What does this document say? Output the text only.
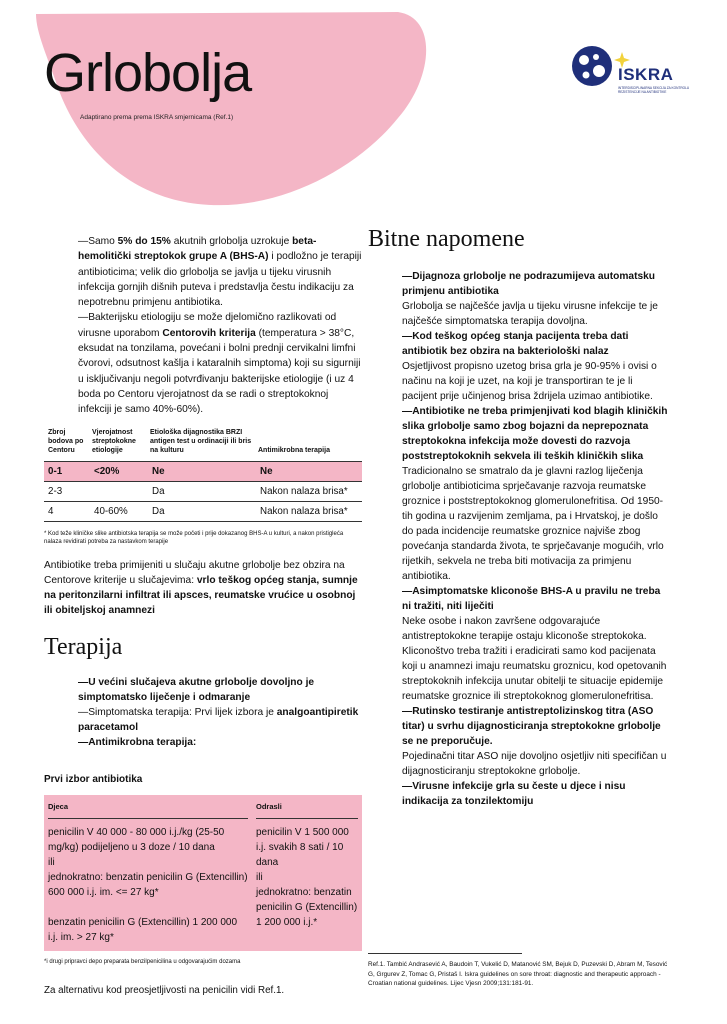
Grlobolja
Adaptirano prema prema ISKRA smjernicama (Ref.1)
ISKRA
INTERDISCIPLINARNA SEKCIJA ZA KONTROLU REZISTENCIJE NA ANTIBIOTIKE

—Samo 5% do 15% akutnih grlobolja uzrokuje beta-hemolitički streptokok grupe A (BHS-A) i podložno je terapiji antibioticima; velik dio grlobolja se javlja u tijeku virusnih infekcija gornjih dišnih puteva i predstavlja čestu indikaciju za nepotrebnu primjenu antibiotika.

—Bakterijsku etiologiju se može djelomično razlikovati od virusne uporabom Centorovih kriterija (temperatura > 38°C, eksudat na tonzilama, povećani i bolni prednji cervikalni limfni čvorovi, odsutnost kašlja i kataralnih simptoma) koji su sigurniji u isključivanju negoli potvrđivanju bakterijske etiologije (i uz 4 boda po Centoru vjerojatnost da se radi o streptokoknoj infekciji je samo 40%-60%).

Zbroj bodova po Centoru	Vjerojatnost streptokokne etiologije	Etiološka dijagnostika BRZI antigen test u ordinaciji ili bris na kulturu	Antimikrobna terapija
0-1	<20%	Ne	Ne
2-3		Da	Nakon nalaza brisa*
4	40-60%	Da	Nakon nalaza brisa*

* Kod teže kliničke slike antibiotska terapija se može početi i prije dokazanog BHS-A u kulturi, a nakon pristigleća nalaza revidirati potreba za nastavkom terapije

Antibiotike treba primijeniti u slučaju akutne grlobolje bez obzira na Centorove kriterije u slučajevima: vrlo teškog općeg stanja, sumnje na peritonzilarni infiltrat ili apsces, reumatske vrućice u osobnoj ili obiteljskoj anamnezi

Terapija

—U većini slučajeva akutne grlobolje dovoljno je simptomatsko liječenje i odmaranje

—Simptomatska terapija: Prvi lijek izbora je analgoantipiretik paracetamol

—Antimikrobna terapija:

Prvi izbor antibiotika

Djeca

penicilin V 40 000 - 80 000 i.j./kg (25-50 mg/kg) podijeljeno u 3 doze / 10 dana

ili

jednokratno: benzatin penicilin G (Extencillin) 600 000 i.j. im. <= 27 kg*

benzatin penicilin G (Extencillin) 1 200 000 i.j. im. > 27 kg*

Odrasli

penicilin V 1 500 000 i.j. svakih 8 sati / 10 dana

ili

jednokratno: benzatin penicilin G (Extencillin) 1 200 000 i.j.*

*i drugi pripravci depo preparata benzilpenicilina u odgovarajućim dozama

Za alternativu kod preosjetljivosti na penicilin vidi Ref.1.

Bitne napomene

—Dijagnoza grlobolje ne podrazumijeva automatsku primjenu antibiotika

Grlobolja se najčešće javlja u tijeku virusne infekcije te je najčešće simptomatska terapija dovoljna.

—Kod teškog općeg stanja pacijenta treba dati antibiotik bez obzira na bakteriološki nalaz

Osjetljivost propisno uzetog brisa grla je 90-95% i ovisi o načinu na koji je uzet, na koji je transportiran te je li pacijent prije učinjenog brisa ždrijela uzimao antibiotike.

—Antibiotike ne treba primjenjivati kod blagih kliničkih slika grlobolje samo zbog bojazni da neprepoznata streptokokna infekcija može dovesti do razvoja poststreptokoknih sekvela ili teških kliničkih slika

Tradicionalno se smatralo da je glavni razlog liječenja grlobolje antibioticima sprječavanje razvoja reumatske groznice i poststreptokoknog glomerulonefritisa. Od 1950-tih godina u razvijenim zemljama, pa i Hrvatskoj, je došlo do pada incidencije reumatske groznice najviše zbog povećanja standarda života, te sprječavanje mogućih, vrlo rijetkih, sekvela ne treba biti motivacija za primjenu antibiotika.

—Asimptomatske kliconoše BHS-A u pravilu ne treba ni tražiti, niti liječiti

Neke osobe i nakon završene odgovarajuće antistreptokokne terapije ostaju kliconoše streptokoka. Kliconoštvo treba tražiti i eradicirati samo kod pacijenata koji u anamnezi imaju reumatsku groznicu, kod opetovanih streptokoknih infekcija unutar obitelji te situacije epidemije reumatske groznice ili streptokoknog glomerulonefritisa.

—Rutinsko testiranje antistreptolizinskog titra (ASO titar) u svrhu dijagnosticiranja streptokokne grlobolje se ne preporučuje.

Pojedinačni titar ASO nije dovoljno osjetljiv niti specifičan u dijagnosticiranju streptokokne grlobolje.

—Virusne infekcije grla su česte u djece i nisu indikacija za tonzilektomiju

Ref.1. Tambić Andrasević A, Baudoin T, Vukelić D, Matanović SM, Bejuk D, Puzevski D, Abram M, Tesović G, Grgurev Z, Tomac G, Pristaš I. Iskra guidelines on sore throat: diagnostic and therapeutic approach - Croatian national guidelines. Lijec Vjesn 2009;131:181-91.
